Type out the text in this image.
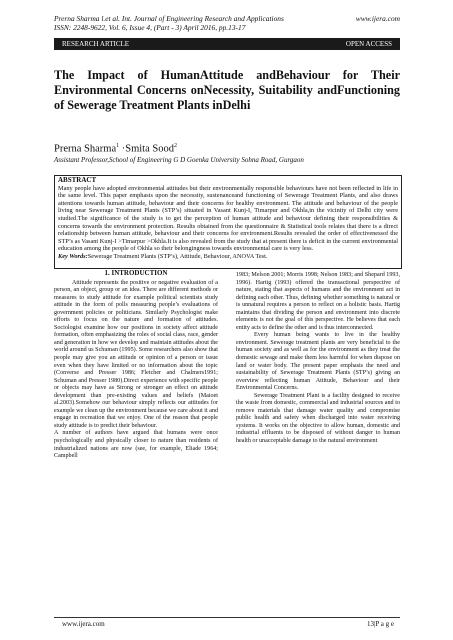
Prerna Sharma l.et al. Int. Journal of Engineering Research and Applications	www.ijera.com
ISSN: 2248-9622, Vol. 6, Issue 4, (Part - 3) April 2016, pp.13-17
RESEARCH ARTICLE	OPEN ACCESS
The Impact of HumanAttitude andBehaviour for Their Environmental Concerns onNecessity, Suitability andFunctioning of Sewerage Treatment Plants inDelhi
Prerna Sharma$^1$ ·Smita Sood$^2$
Assistant Professor,School of Engineering G D Goenka University Sohna Road, Gurgaon
ABSTRACT
Many people have adopted environmental attitudes but their environmentally responsible behaviours have not been reflected in life in the same level. This paper emphasis upon the necessity, sustenanceand functioning of Sewerage Treatment Plants, and also draws attentions towards human attitude, behaviour and their concerns for healthy environment. The attitude and behaviour of the people living near Sewerage Treatment Plants (STP’s) situated in Vasant Kunj-I, Timarpur and Okhla,in the vicinity of Delhi city were studied.The significance of the study is to get the perception of human attitude and behaviour defining their responsibilities & concerns towards the environment protection. Results obtained from the questionnaire & Statistical tools relates that there is a direct relationship between human attitude, behaviour and their concerns for environment.Results revealed the order of effectivenessof the STP’s as Vasant Kunj-I >Timarpur >Okhla.It is also revealed from the study that at present there is deficit in the current environmental education among the people of Okhla so their belongingness towards environmental care is very less.
Key Words:Sewerage Treatment Plants (STP’s), Attitude, Behaviour, ANOVA Test.
1. INTRODUCTION

Attitude represents the positive or negative evaluation of a person, an object, group or an idea. There are different methods or measures to study attitude for example political scientists study attitude in the form of polls measuring people’s evaluations of government policies or politicians. Similarly Psychologist make efforts to focus on the nature and formation of attitudes. Sociologist examine how our positions in society affect attitude formation, often emphasizing the roles of social class, race, gender and generation in how we develop and maintain attitudes about the world around us Schuman (1995). Some researchers also show that people may give you an attitude or opinion of a person or issue even when they have limited or no information about the topic (Converse and Presser 1986; Fletcher and Chalmers1991; Schuman and Presser 1980).Direct experience with specific people or objects may have as Strong or stronger an effect on attitude development than pre-existing values and beliefs (Maioet al.2003).Somehow our behaviour simply reflects our attitudes for example we clean up the environment because we care about it and engage in recreation that we enjoy. One of the reason that people study attitude is to predict their behaviour.

A number of authors have argued that humans were once psychologically and physically closer to nature than residents of industrialized nations are now (see, for example, Eliade 1964; Campbell

1983; Melson 2001; Morris 1998; Nelson 1983; and Shepard 1993, 1996). Hartig (1993) offered the transactional perspective of nature, stating that aspects of humans and the environment act in defining each other. Thus, defining whether something is natural or is unnatural requires a person to reflect on a holistic basis. Hartig maintains that dividing the person and environment into discrete elements is not the goal of this perspective. He believes that each entity acts to define the other and is thus interconnected.

Every human being wants to live in the healthy environment. Sewerage treatment plants are very beneficial to the human society and as well as for the environment as they treat the domestic sewage and make them less harmful for when dispose on land or water body. The present paper emphasis the need and sustainability of Sewerage Treatment Plants (STP’s) giving an overview reflecting human Attitude, Behaviour and their Environmental Concerns.

Sewerage Treatment Plant is a facility designed to receive the waste from domestic, commercial and industrial sources and to remove materials that damage water quality and compromise public health and safety when discharged into water receiving systems. It works on the objective to allow human, domestic and industrial effluents to be disposed of without danger to human health or unacceptable damage to the natural environment

www.ijera.com	13|P a g e
